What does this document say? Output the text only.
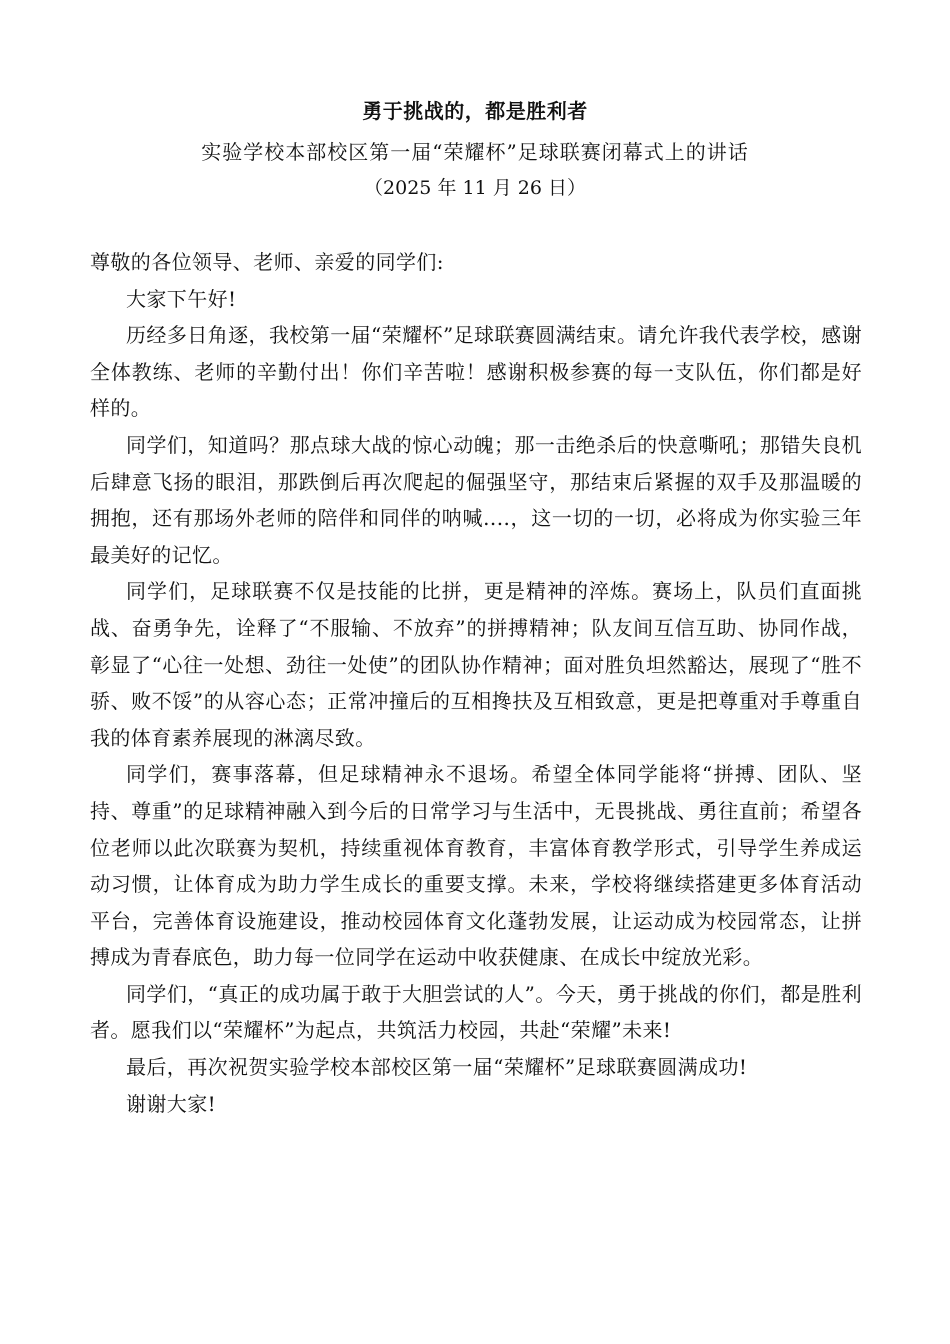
勇于挑战的，都是胜利者
实验学校本部校区第一届“荣耀杯”足球联赛闭幕式上的讲话
（2025 年 11 月 26 日）

尊敬的各位领导、老师、亲爱的同学们:

大家下午好!

历经多日角逐，我校第一届“荣耀杯”足球联赛圆满结束。请允许我代表学校，感谢全体教练、老师的辛勤付出！你们辛苦啦！感谢积极参赛的每一支队伍，你们都是好样的。

同学们，知道吗？那点球大战的惊心动魄；那一击绝杀后的快意嘶吼；那错失良机后肆意飞扬的眼泪，那跌倒后再次爬起的倔强坚守，那结束后紧握的双手及那温暖的拥抱，还有那场外老师的陪伴和同伴的呐喊....，这一切的一切，必将成为你实验三年最美好的记忆。

同学们，足球联赛不仅是技能的比拼，更是精神的淬炼。赛场上，队员们直面挑战、奋勇争先，诠释了“不服输、不放弃”的拼搏精神；队友间互信互助、协同作战，彰显了“心往一处想、劲往一处使”的团队协作精神；面对胜负坦然豁达，展现了“胜不骄、败不馁”的从容心态；正常冲撞后的互相搀扶及互相致意，更是把尊重对手尊重自我的体育素养展现的淋漓尽致。

同学们，赛事落幕，但足球精神永不退场。希望全体同学能将“拼搏、团队、坚持、尊重”的足球精神融入到今后的日常学习与生活中，无畏挑战、勇往直前；希望各位老师以此次联赛为契机，持续重视体育教育，丰富体育教学形式，引导学生养成运动习惯，让体育成为助力学生成长的重要支撑。未来，学校将继续搭建更多体育活动平台，完善体育设施建设，推动校园体育文化蓬勃发展，让运动成为校园常态，让拼搏成为青春底色，助力每一位同学在运动中收获健康、在成长中绽放光彩。

同学们，“真正的成功属于敢于大胆尝试的人”。今天，勇于挑战的你们，都是胜利者。愿我们以“荣耀杯”为起点，共筑活力校园，共赴“荣耀”未来!

最后，再次祝贺实验学校本部校区第一届“荣耀杯”足球联赛圆满成功!

谢谢大家!
